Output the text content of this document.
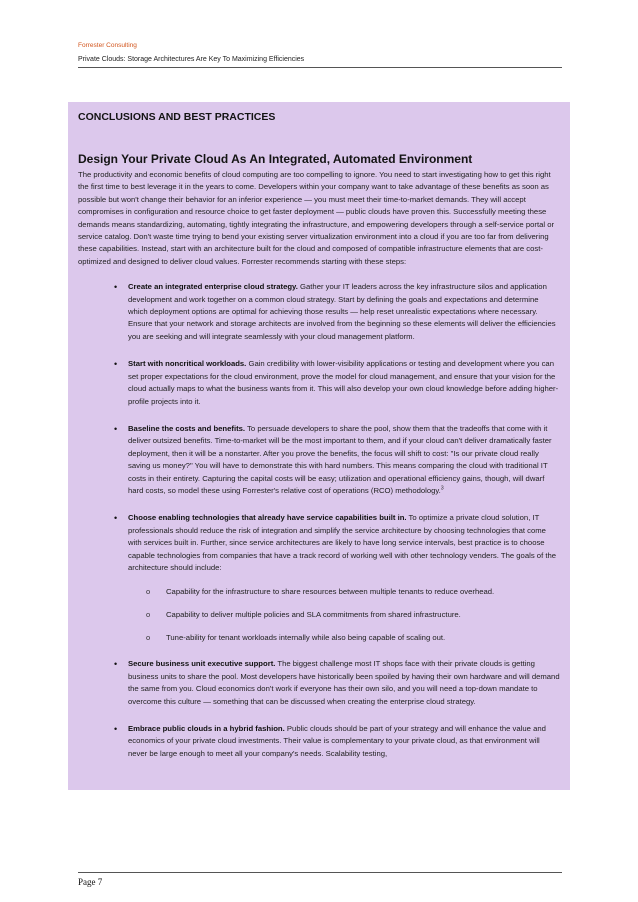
Forrester Consulting
Private Clouds: Storage Architectures Are Key To Maximizing Efficiencies
CONCLUSIONS AND BEST PRACTICES
Design Your Private Cloud As An Integrated, Automated Environment

The productivity and economic benefits of cloud computing are too compelling to ignore. You need to start investigating how to get this right the first time to best leverage it in the years to come. Developers within your company want to take advantage of these benefits as soon as possible but won't change their behavior for an inferior experience — you must meet their time-to-market demands. They will accept compromises in configuration and resource choice to get faster deployment — public clouds have proven this. Successfully meeting these demands means standardizing, automating, tightly integrating the infrastructure, and empowering developers through a self-service portal or service catalog. Don't waste time trying to bend your existing server virtualization environment into a cloud if you are too far from delivering these capabilities. Instead, start with an architecture built for the cloud and composed of compatible infrastructure elements that are cost-optimized and designed to deliver cloud values. Forrester recommends starting with these steps:

• Create an integrated enterprise cloud strategy. Gather your IT leaders across the key infrastructure silos and application development and work together on a common cloud strategy. Start by defining the goals and expectations and determine which deployment options are optimal for achieving those results — help reset unrealistic expectations where necessary. Ensure that your network and storage architects are involved from the beginning so these elements will deliver the efficiencies you are seeking and will integrate seamlessly with your cloud management platform.
• Start with noncritical workloads. Gain credibility with lower-visibility applications or testing and development where you can set proper expectations for the cloud environment, prove the model for cloud management, and ensure that your vision for the cloud actually maps to what the business wants from it. This will also develop your own cloud knowledge before adding higher-profile projects into it.
• Baseline the costs and benefits. To persuade developers to share the pool, show them that the tradeoffs that come with it deliver outsized benefits. Time-to-market will be the most important to them, and if your cloud can't deliver dramatically faster deployment, then it will be a nonstarter. After you prove the benefits, the focus will shift to cost: "Is our private cloud really saving us money?" You will have to demonstrate this with hard numbers. This means comparing the cloud with traditional IT costs in their entirety. Capturing the capital costs will be easy; utilization and operational efficiency gains, though, will dwarf hard costs, so model these using Forrester's relative cost of operations (RCO) methodology.$^3$
• Choose enabling technologies that already have service capabilities built in. To optimize a private cloud solution, IT professionals should reduce the risk of integration and simplify the service architecture by choosing technologies that come with services built in. Further, since service architectures are likely to have long service intervals, best practice is to choose capable technologies from companies that have a track record of working well with other technology venders. The goals of the architecture should include:
o Capability for the infrastructure to share resources between multiple tenants to reduce overhead.
o Capability to deliver multiple policies and SLA commitments from shared infrastructure.
o Tune-ability for tenant workloads internally while also being capable of scaling out.
• Secure business unit executive support. The biggest challenge most IT shops face with their private clouds is getting business units to share the pool. Most developers have historically been spoiled by having their own hardware and will demand the same from you. Cloud economics don't work if everyone has their own silo, and you will need a top-down mandate to overcome this culture — something that can be discussed when creating the enterprise cloud strategy.
• Embrace public clouds in a hybrid fashion. Public clouds should be part of your strategy and will enhance the value and economics of your private cloud investments. Their value is complementary to your private cloud, as that environment will never be large enough to meet all your company's needs. Scalability testing,
Page 7
